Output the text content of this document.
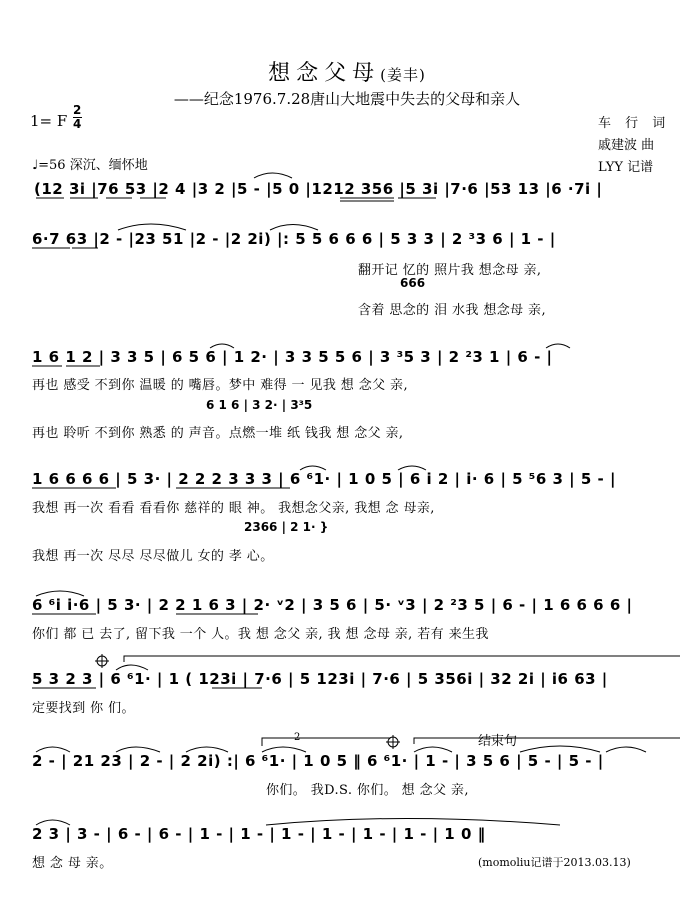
想念父母(姜丰)
——纪念1976.7.28唐山大地震中失去的父母和亲人
1= F
2
4
♩=56 深沉、缅怀地
车 行 词
戚建波 曲
LYY 记谱
(12 3i |76 53 |2 4 |3 2 |5 - |5 0 |1212 356 |5 3i |7·6 |53 13 |6 ·7i |
6·7 63 |2 - |23 51 |2 - |2 2i) |: 5 5 6 6 6 | 5 3 3 | 2 ³3 6 | 1 - |
666
翻开记 忆的 照片我 想念母 亲,
含着 思念的 泪 水我 想念母 亲,
1 6 1 2 | 3 3 5 | 6 5 6 | 1 2· | 3 3 5 5 6 | 3 ³5 3 | 2 ²3 1 | 6 - |
再也 感受 不到你 温暖 的 嘴唇。梦中 难得 一 见我 想 念父 亲,
6 1 6 | 3 2· | 3³5
再也 聆听 不到你 熟悉 的 声音。点燃一堆 纸 钱我 想 念父 亲,
1 6 6 6 6 | 5 3· | 2 2 2 3 3 3 | 6 ⁶1· | 1 0 5 | 6 i 2 | i· 6 | 5 ⁵6 3 | 5 - |
我想 再一次 看看 看看你 慈祥的 眼 神。 我想念父亲, 我想 念 母亲,
2366 | 2 1· }
我想 再一次 尽尽 尽尽做儿 女的 孝 心。
6 ⁶i i·6 | 5 3· | 2 2 1 6 3 | 2· ᵛ2 | 3 5 6 | 5· ᵛ3 | 2 ²3 5 | 6 - | 1 6 6 6 6 |
你们 都 已 去了, 留下我 一个 人。我 想 念父 亲, 我 想 念母 亲, 若有 来生我
5 3 2 3 | 6 ⁶1· | 1 ( 123i | 7·6 | 5 123i | 7·6 | 5 356i | 32 2i | i6 63 |
定要找到 你 们。
2	结束句
2 - | 21 23 | 2 - | 2 2i) :| 6 ⁶1· | 1 0 5 ‖ 6 ⁶1· | 1 - | 3 5 6 | 5 - | 5 - |
你们。 我D.S. 你们。 想 念父 亲,
2 3 | 3 - | 6 - | 6 - | 1 - | 1 - | 1 - | 1 - | 1 - | 1 - | 1 0 ‖
想 念 母 亲。	(momoliu记谱于2013.03.13)
